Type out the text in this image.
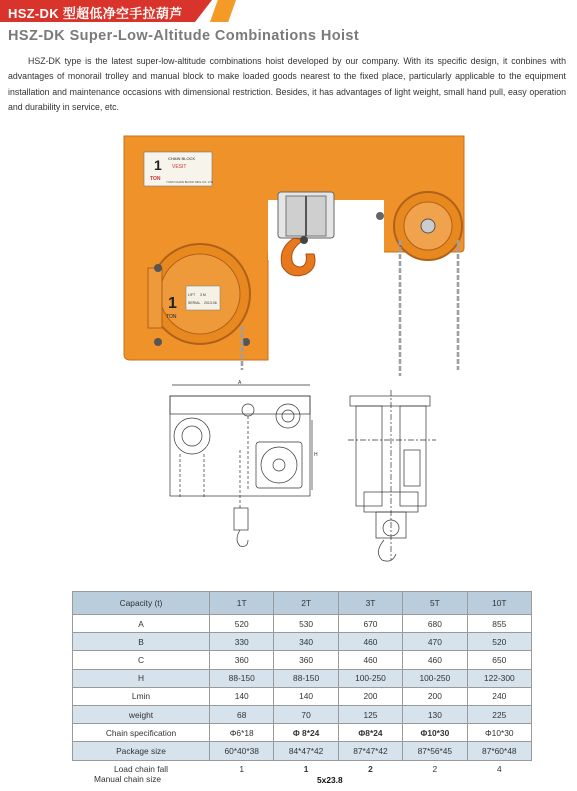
HSZ-DK 型超低净空手拉葫芦
HSZ-DK Super-Low-Altitude Combinations Hoist
HSZ-DK type is the latest super-low-altitude combinations hoist developed by our company. With its specific design, it conbines with advantages of monorail trolley and manual block to make loaded goods nearest to the fixed place, particularly applicable to the equipment installation and maintenance occasions with dimensional restriction. Besides, it has advantages of light weight, small hand pull, easy operation and durability in service, etc.
1
TON
CHAIN BLOCK
VESIT
YUNXI CHAIN BLOCK MFG CO. LTD
1
TON
LIFT 3 M
SERIAL 2013.06
A
H
Capacity (t)	1T	2T	3T	5T	10T
A	520	530	670	680	855
B	330	340	460	470	520
C	360	360	460	460	650
H	88-150	88-150	100-250	100-250	122-300
Lmin	140	140	200	200	240
weight	68	70	125	130	225
Chain specification	Φ6*18	Φ 8*24	Φ8*24	Φ10*30	Φ10*30
Package size	60*40*38	84*47*42	87*47*42	87*56*45	87*60*48
Load chain fall	1	1	2	2	4
Manual chain size	5x23.8
